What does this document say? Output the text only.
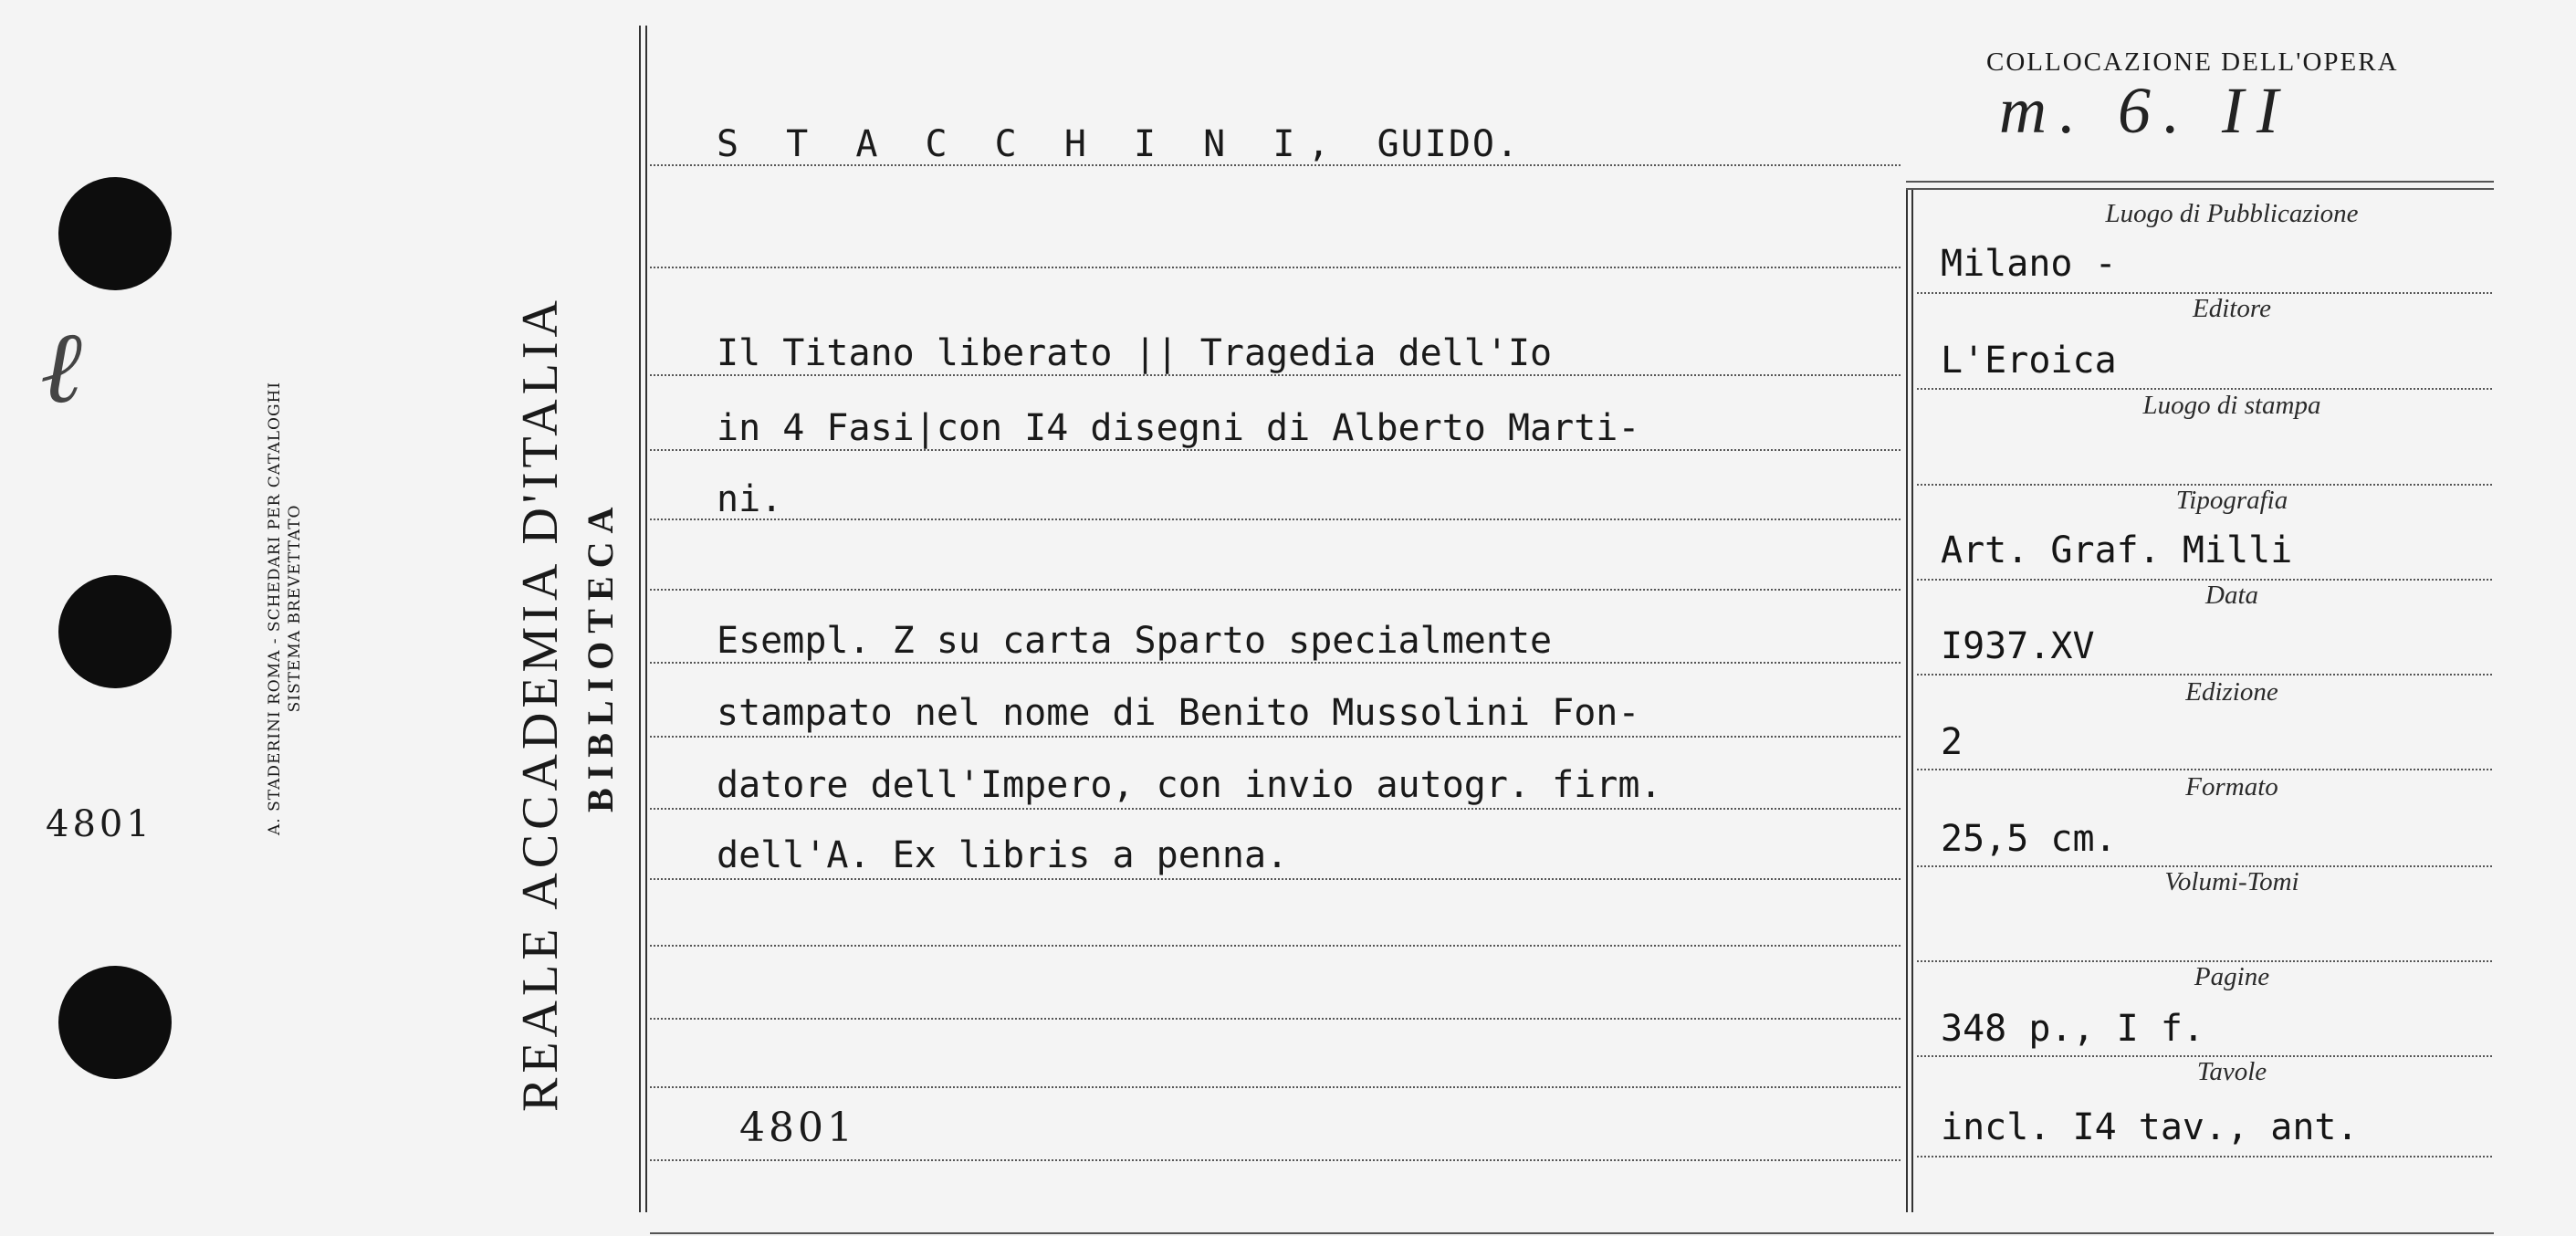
ℓ
4801	A. STADERINI ROMA - SCHEDARI PER CATALOGHI SISTEMA BREVETTATO	REALE ACCADEMIA D'ITALIA BIBLIOTECA
S T A C C H I N I, GUIDO.
Il Titano liberato || Tragedia dell'Io
in 4 Fasi|con I4 disegni di Alberto Marti-
ni.
Esempl. Z su carta Sparto specialmente
stampato nel nome di Benito Mussolini Fon-
datore dell'Impero, con invio autogr. firm.
dell'A. Ex libris a penna.
4801
COLLOCAZIONE DELL'OPERA
m. 6. II
Luogo di Pubblicazione
Milano -
Editore
L'Eroica
Luogo di stampa
Tipografia
Art. Graf. Milli
Data
I937.XV
Edizione
2
Formato
25,5 cm.
Volumi-Tomi
Pagine
348 p., I f.
Tavole
incl. I4 tav., ant.
